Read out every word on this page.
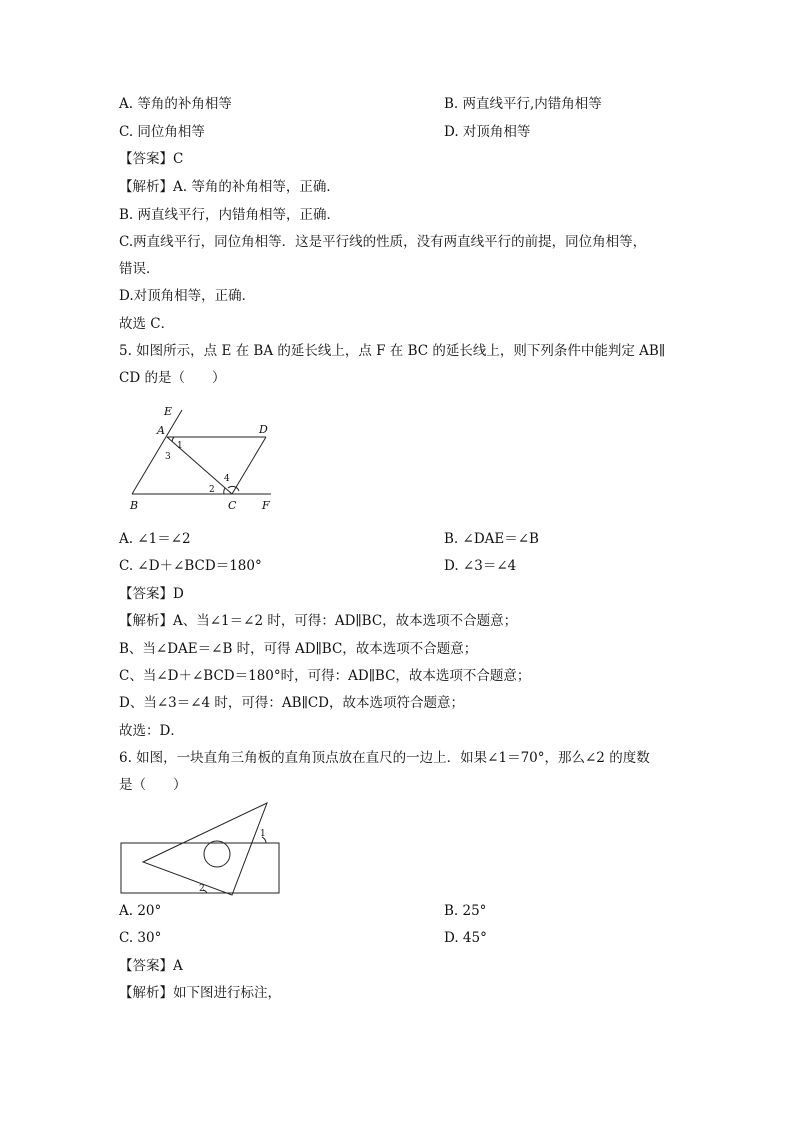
A. 等角的补角相等	B. 两直线平行,内错角相等
C. 同位角相等	D. 对顶角相等
【答案】C
【解析】A. 等角的补角相等，正确．
B. 两直线平行，内错角相等，正确．
C.两直线平行，同位角相等．这是平行线的性质，没有两直线平行的前提，同位角相等，
错误．
D.对顶角相等，正确．
故选 C．
5. 如图所示，点 E 在 BA 的延长线上，点 F 在 BC 的延长线上，则下列条件中能判定 AB∥
CD 的是（　　）
E
A	D
B	C F
1
3
2
4
A. ∠1＝∠2	B. ∠DAE＝∠B
C. ∠D＋∠BCD＝180°	D. ∠3＝∠4
【答案】D
【解析】A、当∠1＝∠2 时，可得：AD∥BC，故本选项不合题意；
B、当∠DAE＝∠B 时，可得 AD∥BC，故本选项不合题意；
C、当∠D＋∠BCD＝180°时，可得：AD∥BC，故本选项不合题意；
D、当∠3＝∠4 时，可得：AB∥CD，故本选项符合题意；
故选：D．
6. 如图，一块直角三角板的直角顶点放在直尺的一边上．如果∠1＝70°，那么∠2 的度数
是（　　）
1
2
A. 20°	B. 25°
C. 30°	D. 45°
【答案】A
【解析】如下图进行标注，
